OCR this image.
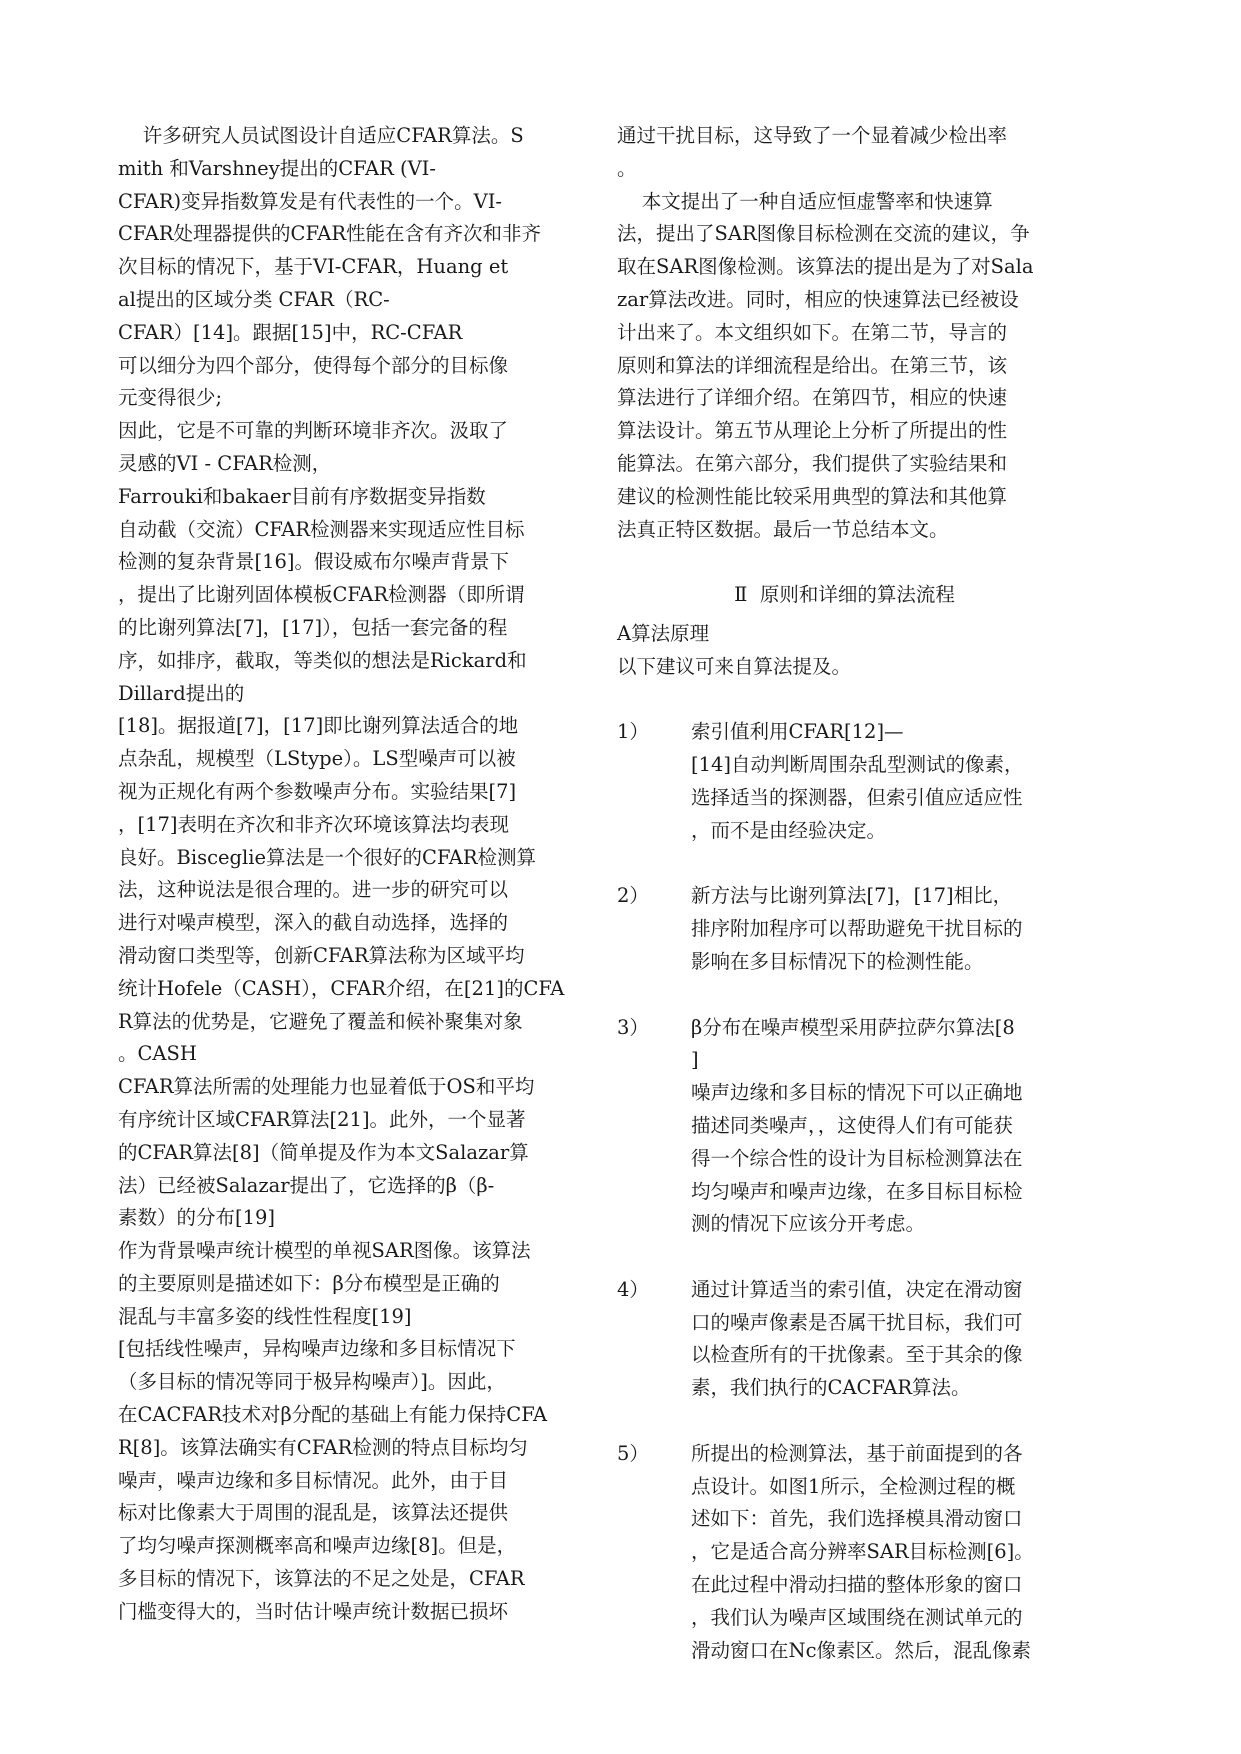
许多研究人员试图设计自适应CFAR算法。S
mith 和Varshney提出的CFAR (VI-
CFAR)变异指数算发是有代表性的一个。VI-
CFAR处理器提供的CFAR性能在含有齐次和非齐
次目标的情况下，基于VI-CFAR，Huang et
al提出的区域分类 CFAR（RC-
CFAR）[14]。跟据[15]中，RC-CFAR
可以细分为四个部分，使得每个部分的目标像
元变得很少;
因此，它是不可靠的判断环境非齐次。汲取了
灵感的VI - CFAR检测，
Farrouki和bakaer目前有序数据变异指数
自动截（交流）CFAR检测器来实现适应性目标
检测的复杂背景[16]。假设威布尔噪声背景下
，提出了比谢列固体模板CFAR检测器（即所谓
的比谢列算法[7]，[17]），包括一套完备的程
序，如排序，截取，等类似的想法是Rickard和
Dillard提出的
[18]。据报道[7]，[17]即比谢列算法适合的地
点杂乱，规模型（LStype）。LS型噪声可以被
视为正规化有两个参数噪声分布。实验结果[7]
，[17]表明在齐次和非齐次环境该算法均表现
良好。Bisceglie算法是一个很好的CFAR检测算
法，这种说法是很合理的。进一步的研究可以
进行对噪声模型，深入的截自动选择，选择的
滑动窗口类型等，创新CFAR算法称为区域平均
统计Hofele（CASH），CFAR介绍，在[21]的CFA
R算法的优势是，它避免了覆盖和候补聚集对象
。CASH
CFAR算法所需的处理能力也显着低于OS和平均
有序统计区域CFAR算法[21]。此外，一个显著
的CFAR算法[8]（简单提及作为本文Salazar算
法）已经被Salazar提出了，它选择的β（β-
素数）的分布[19]
作为背景噪声统计模型的单视SAR图像。该算法
的主要原则是描述如下：β分布模型是正确的
混乱与丰富多姿的线性性程度[19]
[包括线性噪声，异构噪声边缘和多目标情况下
（多目标的情况等同于极异构噪声）]。因此，
在CACFAR技术对β分配的基础上有能力保持CFA
R[8]。该算法确实有CFAR检测的特点目标均匀
噪声，噪声边缘和多目标情况。此外，由于目
标对比像素大于周围的混乱是，该算法还提供
了均匀噪声探测概率高和噪声边缘[8]。但是，
多目标的情况下，该算法的不足之处是，CFAR
门槛变得大的，当时估计噪声统计数据已损坏
通过干扰目标，这导致了一个显着减少检出率
。
本文提出了一种自适应恒虚警率和快速算
法，提出了SAR图像目标检测在交流的建议，争
取在SAR图像检测。该算法的提出是为了对Sala
zar算法改进。同时，相应的快速算法已经被设
计出来了。本文组织如下。在第二节，导言的
原则和算法的详细流程是给出。在第三节，该
算法进行了详细介绍。在第四节，相应的快速
算法设计。第五节从理论上分析了所提出的性
能算法。在第六部分，我们提供了实验结果和
建议的检测性能比较采用典型的算法和其他算
法真正特区数据。最后一节总结本文。
Ⅱ  原则和详细的算法流程
A算法原理
以下建议可来自算法提及。
1）	索引值利用CFAR[12]—
[14]自动判断周围杂乱型测试的像素，
选择适当的探测器，但索引值应适应性
，而不是由经验决定。
2）	新方法与比谢列算法[7]，[17]相比，
排序附加程序可以帮助避免干扰目标的
影响在多目标情况下的检测性能。
3）	β分布在噪声模型采用萨拉萨尔算法[8
]
噪声边缘和多目标的情况下可以正确地
描述同类噪声，，这使得人们有可能获
得一个综合性的设计为目标检测算法在
均匀噪声和噪声边缘，在多目标目标检
测的情况下应该分开考虑。
4）	通过计算适当的索引值，决定在滑动窗
口的噪声像素是否属干扰目标，我们可
以检查所有的干扰像素。至于其余的像
素，我们执行的CACFAR算法。
5）	所提出的检测算法，基于前面提到的各
点设计。如图1所示，全检测过程的概
述如下：首先，我们选择模具滑动窗口
，它是适合高分辨率SAR目标检测[6]。
在此过程中滑动扫描的整体形象的窗口
，我们认为噪声区域围绕在测试单元的
滑动窗口在Nc像素区。然后，混乱像素
